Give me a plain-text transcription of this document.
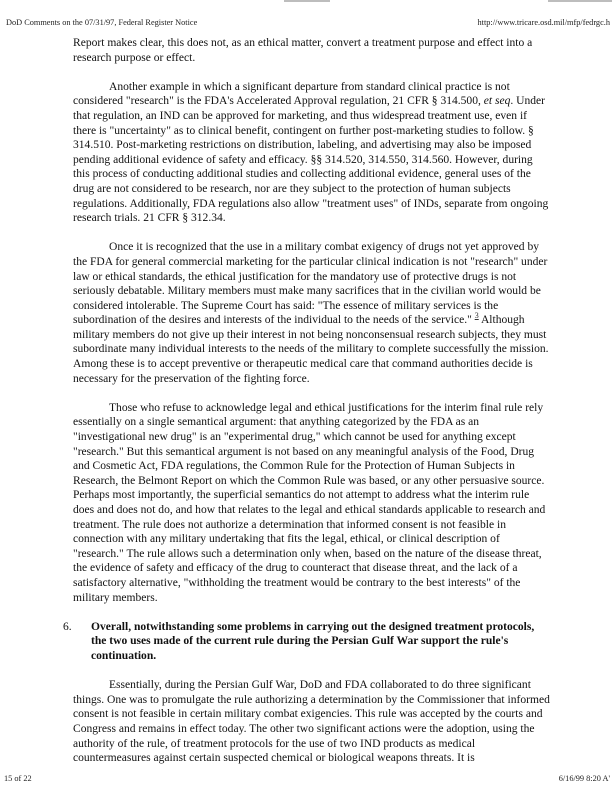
DoD Comments on the 07/31/97, Federal Register Notice	http://www.tricare.osd.mil/mfp/fedrgc.h

Report makes clear, this does not, as an ethical matter, convert a treatment purpose and effect into a research purpose or effect.

Another example in which a significant departure from standard clinical practice is not considered "research" is the FDA's Accelerated Approval regulation, 21 CFR § 314.500, et seq. Under that regulation, an IND can be approved for marketing, and thus widespread treatment use, even if there is "uncertainty" as to clinical benefit, contingent on further post-marketing studies to follow. § 314.510. Post-marketing restrictions on distribution, labeling, and advertising may also be imposed pending additional evidence of safety and efficacy. §§ 314.520, 314.550, 314.560. However, during this process of conducting additional studies and collecting additional evidence, general uses of the drug are not considered to be research, nor are they subject to the protection of human subjects regulations. Additionally, FDA regulations also allow "treatment uses" of INDs, separate from ongoing research trials. 21 CFR § 312.34.

Once it is recognized that the use in a military combat exigency of drugs not yet approved by the FDA for general commercial marketing for the particular clinical indication is not "research" under law or ethical standards, the ethical justification for the mandatory use of protective drugs is not seriously debatable. Military members must make many sacrifices that in the civilian world would be considered intolerable. The Supreme Court has said: "The essence of military services is the subordination of the desires and interests of the individual to the needs of the service." $^3$ Although military members do not give up their interest in not being nonconsensual research subjects, they must subordinate many individual interests to the needs of the military to complete successfully the mission. Among these is to accept preventive or therapeutic medical care that command authorities decide is necessary for the preservation of the fighting force.

Those who refuse to acknowledge legal and ethical justifications for the interim final rule rely essentially on a single semantical argument: that anything categorized by the FDA as an "investigational new drug" is an "experimental drug," which cannot be used for anything except "research." But this semantical argument is not based on any meaningful analysis of the Food, Drug and Cosmetic Act, FDA regulations, the Common Rule for the Protection of Human Subjects in Research, the Belmont Report on which the Common Rule was based, or any other persuasive source. Perhaps most importantly, the superficial semantics do not attempt to address what the interim rule does and does not do, and how that relates to the legal and ethical standards applicable to research and treatment. The rule does not authorize a determination that informed consent is not feasible in connection with any military undertaking that fits the legal, ethical, or clinical description of "research." The rule allows such a determination only when, based on the nature of the disease threat, the evidence of safety and efficacy of the drug to counteract that disease threat, and the lack of a satisfactory alternative, "withholding the treatment would be contrary to the best interests" of the military members.

6. Overall, notwithstanding some problems in carrying out the designed treatment protocols, the two uses made of the current rule during the Persian Gulf War support the rule's continuation.

Essentially, during the Persian Gulf War, DoD and FDA collaborated to do three significant things. One was to promulgate the rule authorizing a determination by the Commissioner that informed consent is not feasible in certain military combat exigencies. This rule was accepted by the courts and Congress and remains in effect today. The other two significant actions were the adoption, using the authority of the rule, of treatment protocols for the use of two IND products as medical countermeasures against certain suspected chemical or biological weapons threats. It is

15 of 22	6/16/99 8:20 A'
